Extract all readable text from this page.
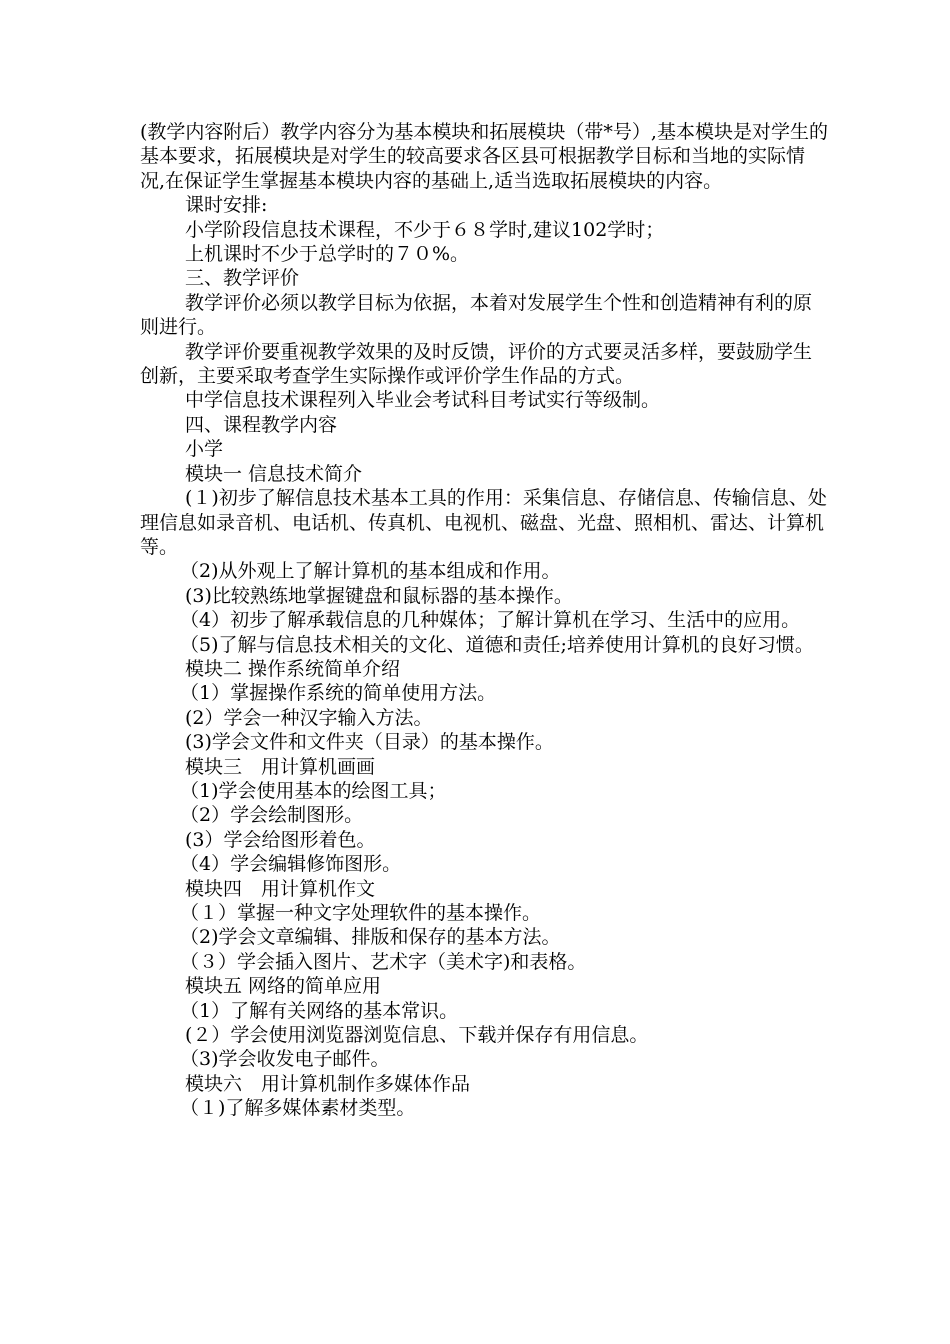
(教学内容附后）教学内容分为基本模块和拓展模块（带*号）,基本模块是对学生的基本要求，拓展模块是对学生的较高要求各区县可根据教学目标和当地的实际情况,在保证学生掌握基本模块内容的基础上,适当选取拓展模块的内容。

课时安排:

小学阶段信息技术课程，不少于６８学时,建议102学时；

上机课时不少于总学时的７０%。

三、教学评价

教学评价必须以教学目标为依据，本着对发展学生个性和创造精神有利的原则进行。

教学评价要重视教学效果的及时反馈，评价的方式要灵活多样，要鼓励学生创新，主要采取考查学生实际操作或评价学生作品的方式。

中学信息技术课程列入毕业会考试科目考试实行等级制。

四、课程教学内容

小学

模块一 信息技术简介

(１)初步了解信息技术基本工具的作用：采集信息、存储信息、传输信息、处理信息如录音机、电话机、传真机、电视机、磁盘、光盘、照相机、雷达、计算机等。

（2)从外观上了解计算机的基本组成和作用。

(3)比较熟练地掌握键盘和鼠标器的基本操作。

（4）初步了解承载信息的几种媒体；了解计算机在学习、生活中的应用。

（5)了解与信息技术相关的文化、道德和责任;培养使用计算机的良好习惯。

模块二 操作系统简单介绍

（1）掌握操作系统的简单使用方法。

(2）学会一种汉字输入方法。

(3)学会文件和文件夹（目录）的基本操作。

模块三　用计算机画画

（1)学会使用基本的绘图工具；

（2）学会绘制图形。

(3）学会给图形着色。

（4）学会编辑修饰图形。

模块四　用计算机作文

（１）掌握一种文字处理软件的基本操作。

（2)学会文章编辑、排版和保存的基本方法。

（３）学会插入图片、艺术字（美术字)和表格。

模块五 网络的简单应用

（1）了解有关网络的基本常识。

(２）学会使用浏览器浏览信息、下载并保存有用信息。

（3)学会收发电子邮件。

模块六　用计算机制作多媒体作品

（１)了解多媒体素材类型。
